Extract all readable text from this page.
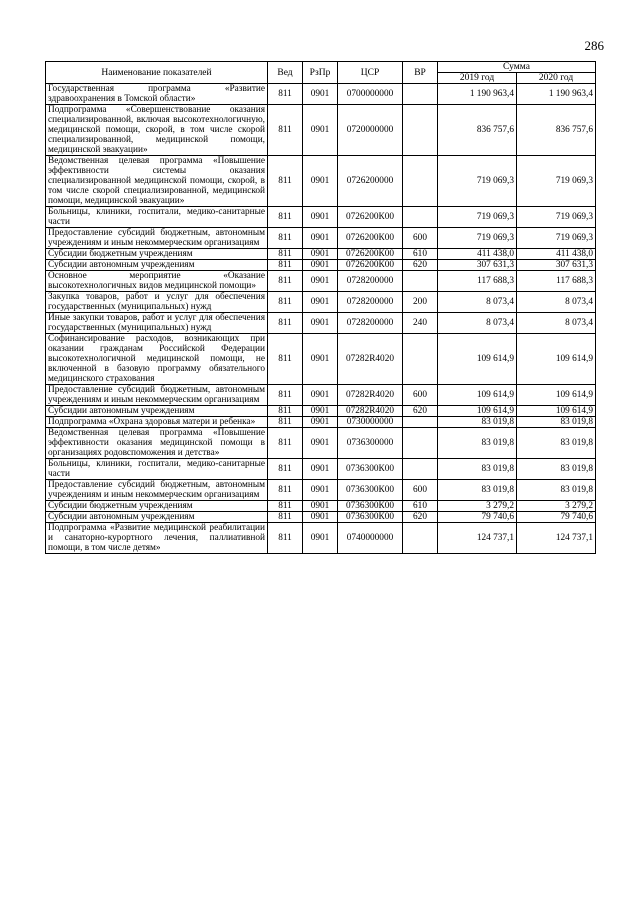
286
Наименование показателей	Вед	РзПр	ЦСР	ВР	Сумма	
					2019 год	2020 год
Государственная программа «Развитие здравоохранения в Томской области»	811	0901	0700000000		1 190 963,4	1 190 963,4
Подпрограмма «Совершенствование оказания специализированной, включая высокотехнологичную, медицинской помощи, скорой, в том числе скорой специализированной, медицинской помощи, медицинской эвакуации»	811	0901	0720000000		836 757,6	836 757,6
Ведомственная целевая программа «Повышение эффективности системы оказания специализированной медицинской помощи, скорой, в том числе скорой специализированной, медицинской помощи, медицинской эвакуации»	811	0901	0726200000		719 069,3	719 069,3
Больницы, клиники, госпитали, медико-санитарные части	811	0901	0726200К00		719 069,3	719 069,3
Предоставление субсидий бюджетным, автономным учреждениям и иным некоммерческим организациям	811	0901	0726200К00	600	719 069,3	719 069,3
Субсидии бюджетным учреждениям	811	0901	0726200К00	610	411 438,0	411 438,0
Субсидии автономным учреждениям	811	0901	0726200К00	620	307 631,3	307 631,3
Основное мероприятие «Оказание высокотехнологичных видов медицинской помощи»	811	0901	0728200000		117 688,3	117 688,3
Закупка товаров, работ и услуг для обеспечения государственных (муниципальных) нужд	811	0901	0728200000	200	8 073,4	8 073,4
Иные закупки товаров, работ и услуг для обеспечения государственных (муниципальных) нужд	811	0901	0728200000	240	8 073,4	8 073,4
Софинансирование расходов, возникающих при оказании гражданам Российской Федерации высокотехнологичной медицинской помощи, не включенной в базовую программу обязательного медицинского страхования	811	0901	07282R4020		109 614,9	109 614,9
Предоставление субсидий бюджетным, автономным учреждениям и иным некоммерческим организациям	811	0901	07282R4020	600	109 614,9	109 614,9
Субсидии автономным учреждениям	811	0901	07282R4020	620	109 614,9	109 614,9
Подпрограмма «Охрана здоровья матери и ребенка»	811	0901	0730000000		83 019,8	83 019,8
Ведомственная целевая программа «Повышение эффективности оказания медицинской помощи в организациях родовспоможения и детства»	811	0901	0736300000		83 019,8	83 019,8
Больницы, клиники, госпитали, медико-санитарные части	811	0901	0736300К00		83 019,8	83 019,8
Предоставление субсидий бюджетным, автономным учреждениям и иным некоммерческим организациям	811	0901	0736300К00	600	83 019,8	83 019,8
Субсидии бюджетным учреждениям	811	0901	0736300К00	610	3 279,2	3 279,2
Субсидии автономным учреждениям	811	0901	0736300К00	620	79 740,6	79 740,6
Подпрограмма «Развитие медицинской реабилитации и санаторно-курортного лечения, паллиативной помощи, в том числе детям»	811	0901	0740000000		124 737,1	124 737,1
